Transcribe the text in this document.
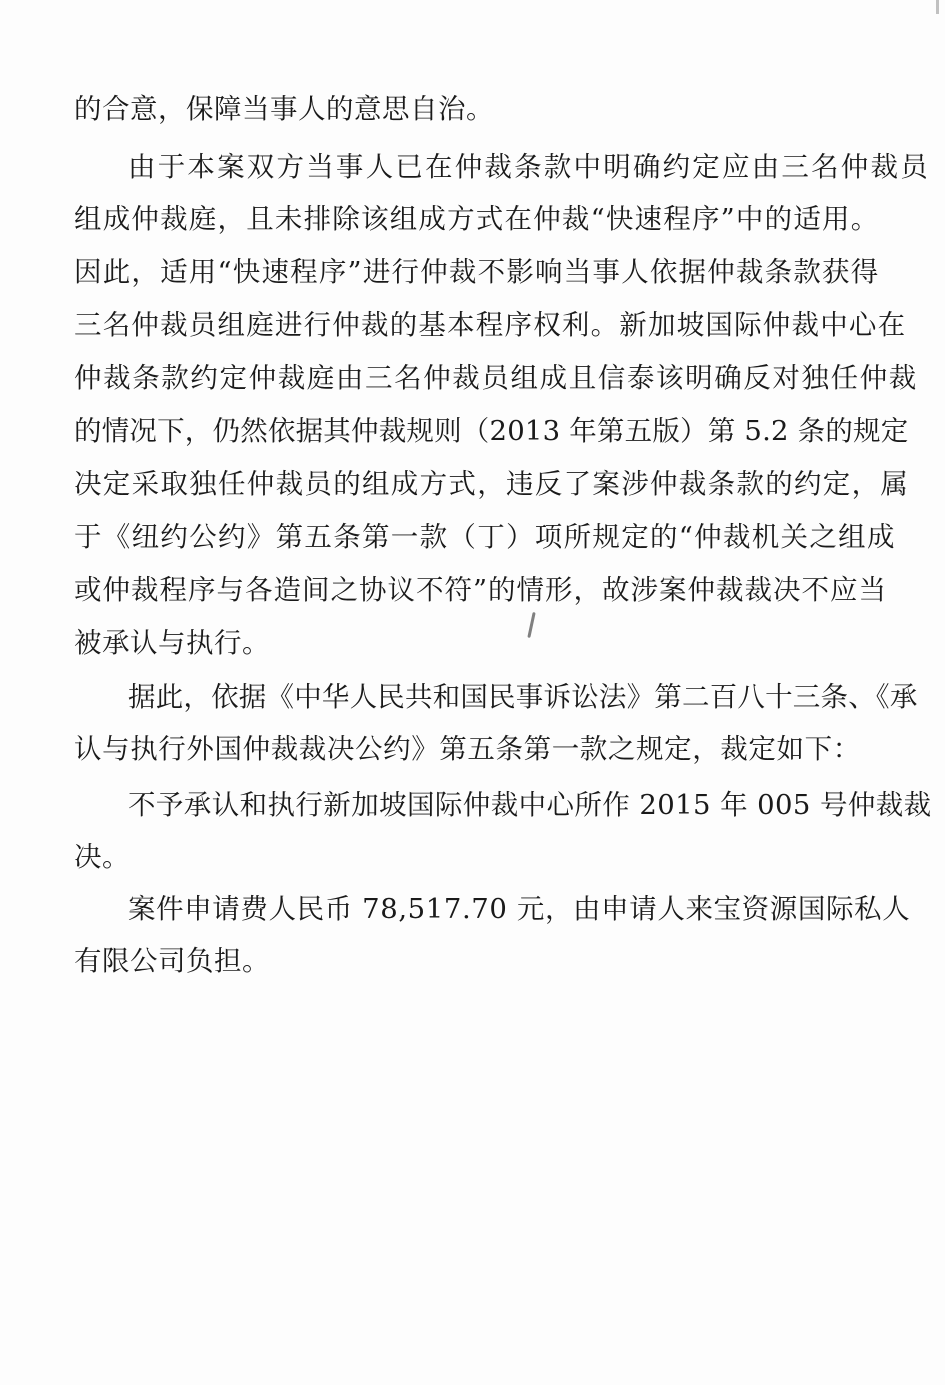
的合意，保障当事人的意思自治。

由于本案双方当事人已在仲裁条款中明确约定应由三名仲裁员

组成仲裁庭，且未排除该组成方式在仲裁“快速程序”中的适用。

因此，适用“快速程序”进行仲裁不影响当事人依据仲裁条款获得

三名仲裁员组庭进行仲裁的基本程序权利。新加坡国际仲裁中心在

仲裁条款约定仲裁庭由三名仲裁员组成且信泰该明确反对独任仲裁

的情况下，仍然依据其仲裁规则（2013 年第五版）第 5.2 条的规定

决定采取独任仲裁员的组成方式，违反了案涉仲裁条款的约定，属

于《纽约公约》第五条第一款（丁）项所规定的“仲裁机关之组成

或仲裁程序与各造间之协议不符”的情形，故涉案仲裁裁决不应当

被承认与执行。

据此，依据《中华人民共和国民事诉讼法》第二百八十三条、《承

认与执行外国仲裁裁决公约》第五条第一款之规定，裁定如下：

不予承认和执行新加坡国际仲裁中心所作 2015 年 005 号仲裁裁

决。

案件申请费人民币 78,517.70 元，由申请人来宝资源国际私人

有限公司负担。
